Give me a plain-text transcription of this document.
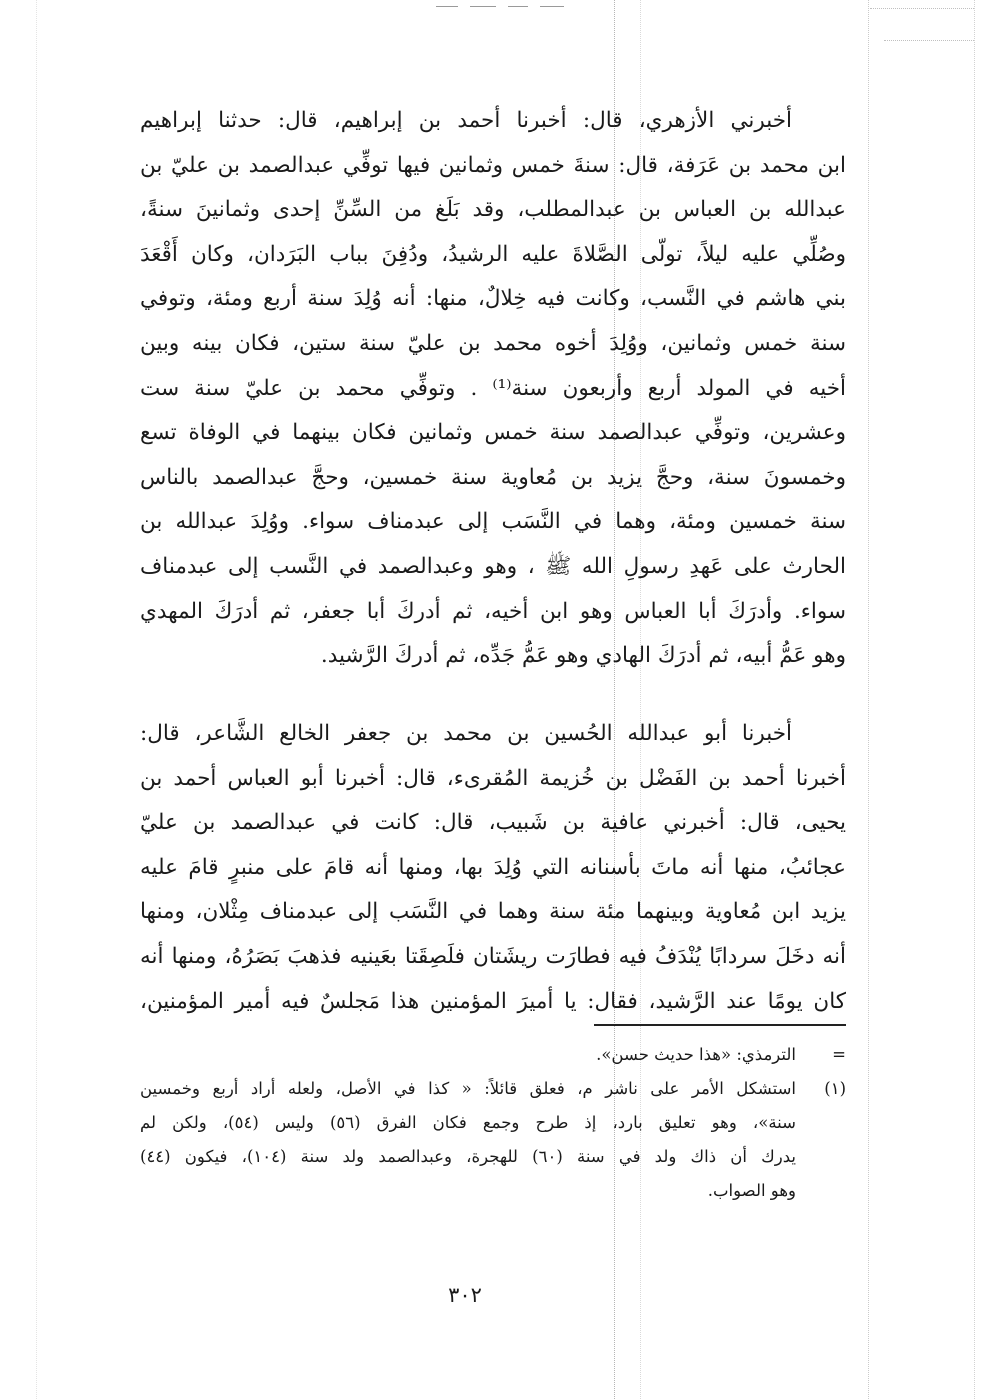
أخبرني الأزهري، قال: أخبرنا أحمد بن إبراهيم، قال: حدثنا إبراهيم
ابن محمد بن عَرَفة، قال: سنةَ خمس وثمانين فيها توفِّي عبدالصمد بن عليّ بن
عبدالله بن العباس بن عبدالمطلب، وقد بَلَغ من السِّنِّ إحدى وثمانينَ سنةً،
وصُلِّي عليه ليلاً، تولّى الصَّلاةَ عليه الرشيدُ، ودُفِنَ بباب البَرَدان، وكان أَقْعَدَ
بني هاشم في النَّسب، وكانت فيه خِلالٌ، منها: أنه وُلِدَ سنة أربع ومئة، وتوفي
سنة خمس وثمانين، ووُلِدَ أخوه محمد بن عليّ سنة ستين، فكان بينه وبين
أخيه في المولد أربع وأربعون سنة⁽¹⁾ . وتوفِّي محمد بن عليّ سنة ست
وعشرين، وتوفِّي عبدالصمد سنة خمس وثمانين فكان بينهما في الوفاة تسع
وخمسونَ سنة، وحجَّ يزيد بن مُعاوية سنة خمسين، وحجَّ عبدالصمد بالناس
سنة خمسين ومئة، وهما في النَّسَب إلى عبدمناف سواء. ووُلِدَ عبدالله بن
الحارث على عَهدِ رسولِ الله ﷺ ، وهو وعبدالصمد في النَّسب إلى عبدمناف
سواء. وأدرَكَ أبا العباس وهو ابن أخيه، ثم أدركَ أبا جعفر، ثم أدرَكَ المهدي
وهو عَمُّ أبيه، ثم أدرَكَ الهادي وهو عَمُّ جَدِّه، ثم أدركَ الرَّشيد.
أخبرنا أبو عبدالله الحُسين بن محمد بن جعفر الخالع الشَّاعر، قال:
أخبرنا أحمد بن الفَضْل بن خُزيمة المُقرىء، قال: أخبرنا أبو العباس أحمد بن
يحيى، قال: أخبرني عافية بن شَبيب، قال: كانت في عبدالصمد بن عليّ
عجائبُ، منها أنه ماتَ بأسنانه التي وُلِدَ بها، ومنها أنه قامَ على منبرٍ قامَ عليه
يزيد ابن مُعاوية وبينهما مئة سنة وهما في النَّسَب إلى عبدمناف مِثْلان، ومنها
أنه دخَلَ سردابًا يُنْدَفُ فيه فطارَت ريشَتان فلَصِقَتا بعَينيه فذهبَ بَصَرُهُ، ومنها أنه
كان يومًا عند الرَّشيد، فقال: يا أميرَ المؤمنين هذا مَجلسٌ فيه أمير المؤمنين،
=
الترمذي: «هذا حديث حسن».
(١)
استشكل الأمر على ناشر م، فعلق قائلاً: « كذا في الأصل، ولعله أراد أربع وخمسين
سنة»، وهو تعليق بارد، إذ طرح وجمع فكان الفرق (٥٦) وليس (٥٤)، ولكن لم
يدرك أن ذاك ولد في سنة (٦٠) للهجرة، وعبدالصمد ولد سنة (١٠٤)، فيكون (٤٤)
وهو الصواب.
٣٠٢
